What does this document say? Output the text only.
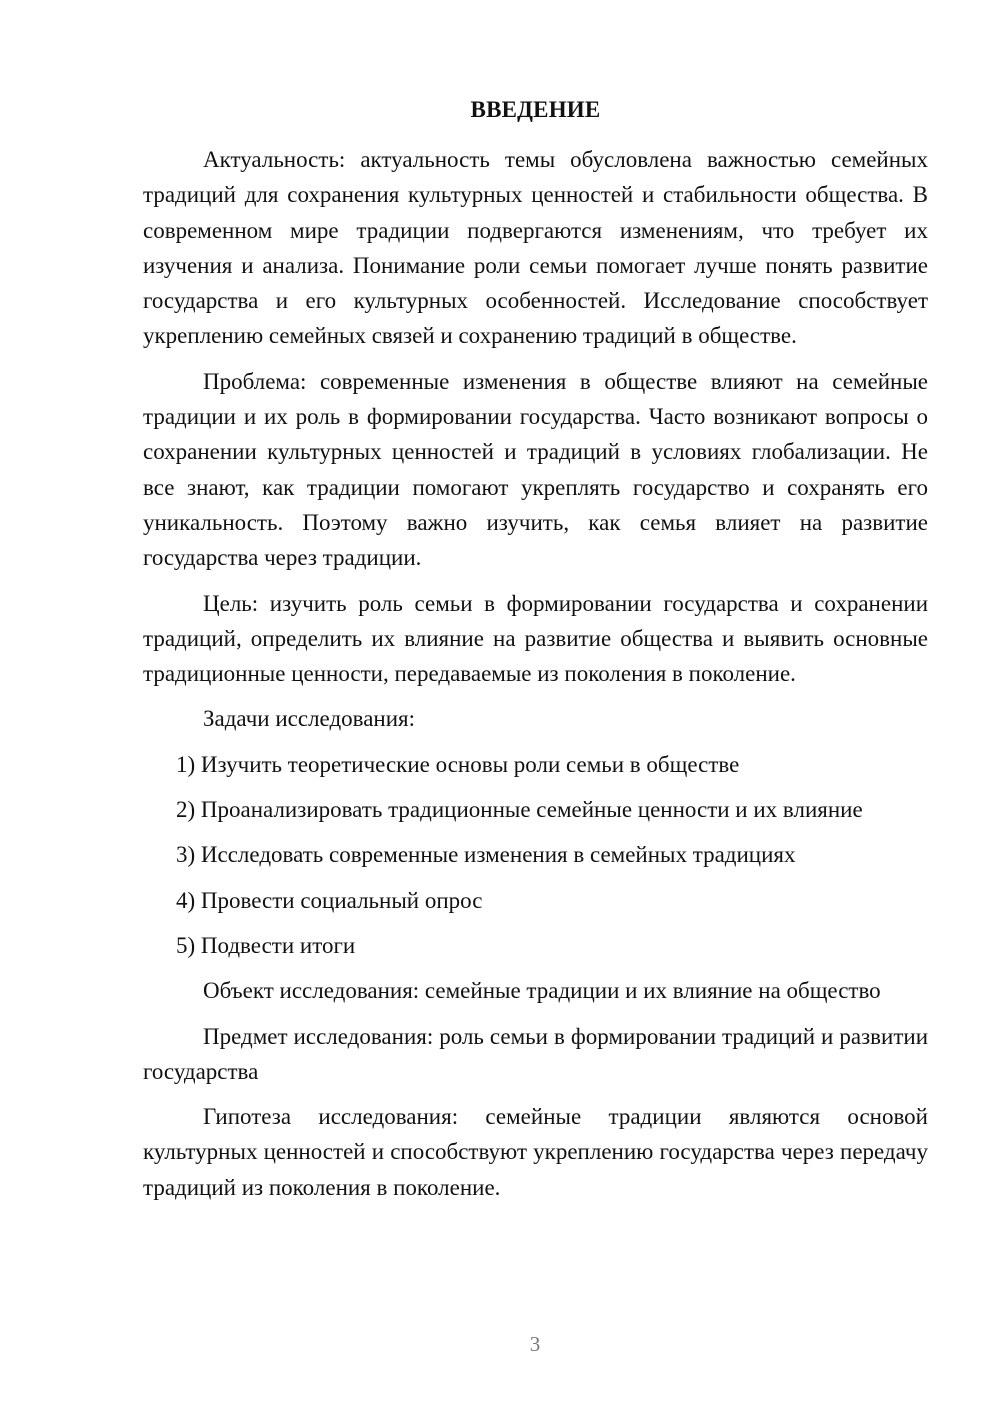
ВВЕДЕНИЕ

Актуальность: актуальность темы обусловлена важностью семейных традиций для сохранения культурных ценностей и стабильности общества. В современном мире традиции подвергаются изменениям, что требует их изучения и анализа. Понимание роли семьи помогает лучше понять развитие государства и его культурных особенностей. Исследование способствует укреплению семейных связей и сохранению традиций в обществе.

Проблема: современные изменения в обществе влияют на семейные традиции и их роль в формировании государства. Часто возникают вопросы о сохранении культурных ценностей и традиций в условиях глобализации. Не все знают, как традиции помогают укреплять государство и сохранять его уникальность. Поэтому важно изучить, как семья влияет на развитие государства через традиции.

Цель: изучить роль семьи в формировании государства и сохранении традиций, определить их влияние на развитие общества и выявить основные традиционные ценности, передаваемые из поколения в поколение.

Задачи исследования:
1) Изучить теоретические основы роли семьи в обществе
2) Проанализировать традиционные семейные ценности и их влияние
3) Исследовать современные изменения в семейных традициях
4) Провести социальный опрос
5) Подвести итоги

Объект исследования: семейные традиции и их влияние на общество

Предмет исследования: роль семьи в формировании традиций и развитии государства

Гипотеза исследования: семейные традиции являются основой культурных ценностей и способствуют укреплению государства через передачу традиций из поколения в поколение.

3
